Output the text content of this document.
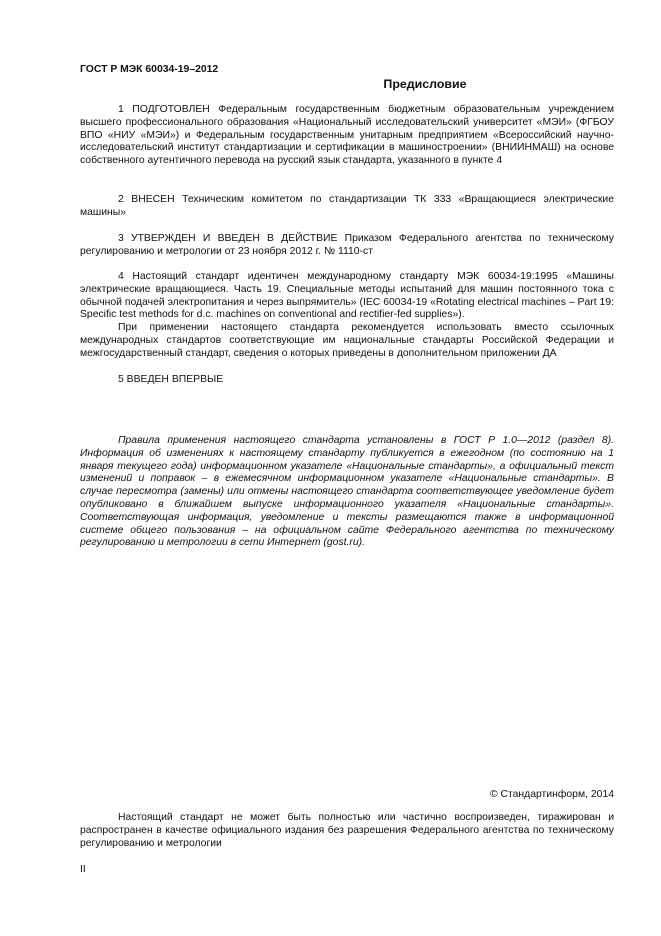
ГОСТ Р МЭК 60034-19–2012
Предисловие

1 ПОДГОТОВЛЕН Федеральным государственным бюджетным образовательным учреждением высшего профессионального образования «Национальный исследовательский университет «МЭИ» (ФГБОУ ВПО «НИУ «МЭИ») и Федеральным государственным унитарным предприятием «Всероссийский научно-исследовательский институт стандартизации и сертификации в машиностроении» (ВНИИНМАШ) на основе собственного аутентичного перевода на русский язык стандарта, указанного в пункте 4

2 ВНЕСЕН Техническим комитетом по стандартизации ТК 333 «Вращающиеся электрические машины»

3 УТВЕРЖДЕН И ВВЕДЕН В ДЕЙСТВИЕ Приказом Федерального агентства по техническому регулированию и метрологии от 23 ноября 2012 г. № 1110-ст

4 Настоящий стандарт идентичен международному стандарту МЭК 60034-19:1995 «Машины электрические вращающиеся. Часть 19. Специальные методы испытаний для машин постоянного тока с обычной подачей электропитания и через выпрямитель» (IEC 60034-19 «Rotating electrical machines – Part 19: Specific test methods for d.c. machines on conventional and rectifier-fed supplies»).

При применении настоящего стандарта рекомендуется использовать вместо ссылочных международных стандартов соответствующие им национальные стандарты Российской Федерации и межгосударственный стандарт, сведения о которых приведены в дополнительном приложении ДА

5 ВВЕДЕН ВПЕРВЫЕ

Правила применения настоящего стандарта установлены в ГОСТ Р 1.0—2012 (раздел 8). Информация об изменениях к настоящему стандарту публикуется в ежегодном (по состоянию на 1 января текущего года) информационном указателе «Национальные стандарты», а официальный текст изменений и поправок – в ежемесячном информационном указателе «Национальные стандарты». В случае пересмотра (замены) или отмены настоящего стандарта соответствующее уведомление будет опубликовано в ближайшем выпуске информационного указателя «Национальные стандарты». Соответствующая информация, уведомление и тексты размещаются также в информационной системе общего пользования – на официальном сайте Федерального агентства по техническому регулированию и метрологии в сети Интернет (gost.ru).

© Стандартинформ, 2014

Настоящий стандарт не может быть полностью или частично воспроизведен, тиражирован и распространен в качестве официального издания без разрешения Федерального агентства по техническому регулированию и метрологии

II
